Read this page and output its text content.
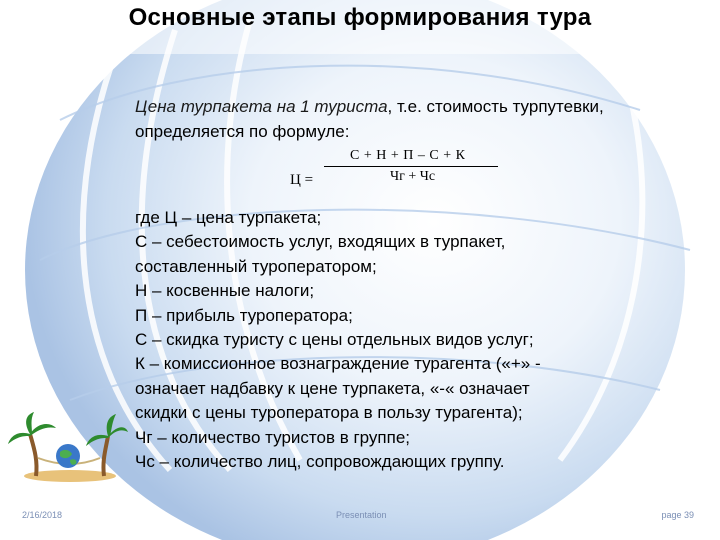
Основные этапы формирования тура

Цена турпакета на 1 туриста, т.е. стоимость турпутевки, определяется по формуле:

Ц =
С + Н + П – С + К
Чг + Чс
где Ц – цена турпакета;
С – себестоимость услуг, входящих в турпакет,
составленный туроператором;
Н – косвенные налоги;
П – прибыль туроператора;
С – скидка туристу с цены отдельных видов услуг;
К – комиссионное вознаграждение турагента («+» -
означает надбавку к цене турпакета, «-« означает
скидки с цены туроператора в пользу турагента);
Чг – количество туристов в группе;
Чс – количество лиц, сопровождающих группу.
2/16/2018	Presentation	page 39
